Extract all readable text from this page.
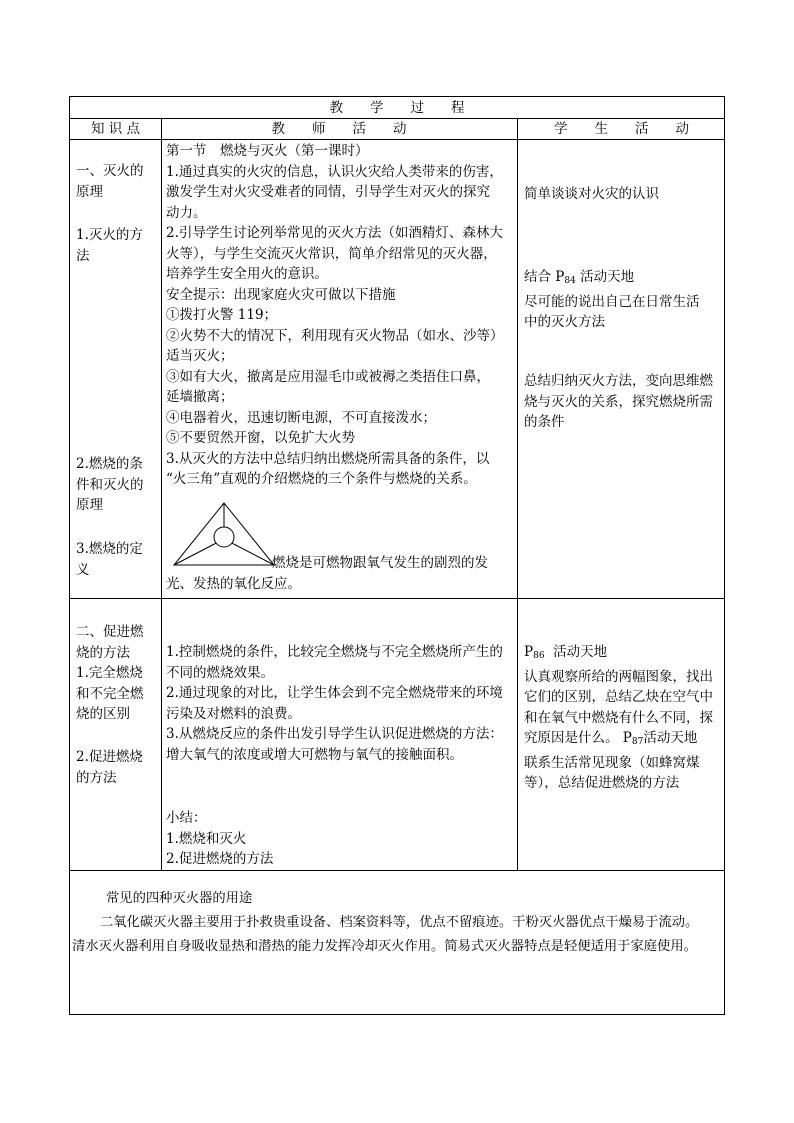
教　　学　　过　　程
知 识 点	教　　师　　活　　动	学　　生　　活　　动

一、灭火的

原理

1.灭火的方

法

2.燃烧的条

件和灭火的

原理

3.燃烧的定

义

第一节　燃烧与灭火（第一课时）

1.通过真实的火灾的信息，认识火灾给人类带来的伤害，

激发学生对火灾受难者的同情，引导学生对灭火的探究

动力。

2.引导学生讨论列举常见的灭火方法（如酒精灯、森林大

火等），与学生交流灭火常识，简单介绍常见的灭火器，

培养学生安全用火的意识。

安全提示：出现家庭火灾可做以下措施

①拨打火警 119；

②火势不大的情况下，利用现有灭火物品（如水、沙等）

适当灭火；

③如有大火，撤离是应用湿毛巾或被褥之类捂住口鼻，

延墙撤离；

④电器着火，迅速切断电源，不可直接泼水；

⑤不要贸然开窗，以免扩大火势

3.从灭火的方法中总结归纳出燃烧所需具备的条件，以

“火三角”直观的介绍燃烧的三个条件与燃烧的关系。

燃烧是可燃物跟氧气发生的剧烈的发

光、发热的氧化反应。

简单谈谈对火灾的认识

结合 $P_{84}$ 活动天地

尽可能的说出自己在日常生活

中的灭火方法

总结归纳灭火方法，变向思维燃

烧与灭火的关系，探究燃烧所需

的条件

二、促进燃

烧的方法

1.完全燃烧

和不完全燃

烧的区别

2.促进燃烧

的方法

1.控制燃烧的条件，比较完全燃烧与不完全燃烧所产生的

不同的燃烧效果。

2.通过现象的对比，让学生体会到不完全燃烧带来的环境

污染及对燃料的浪费。

3.从燃烧反应的条件出发引导学生认识促进燃烧的方法：

增大氧气的浓度或增大可燃物与氧气的接触面积。

小结：

1.燃烧和灭火

2.促进燃烧的方法

$P_{86}$  活动天地

认真观察所给的两幅图象，找出

它们的区别，总结乙炔在空气中

和在氧气中燃烧有什么不同，探

究原因是什么。 $P_{87}$活动天地

联系生活常见现象（如蜂窝煤

等），总结促进燃烧的方法

常见的四种灭火器的用途

二氧化碳灭火器主要用于扑救贵重设备、档案资料等，优点不留痕迹。干粉灭火器优点干燥易于流动。

清水灭火器利用自身吸收显热和潜热的能力发挥冷却灭火作用。简易式灭火器特点是轻便适用于家庭使用。
